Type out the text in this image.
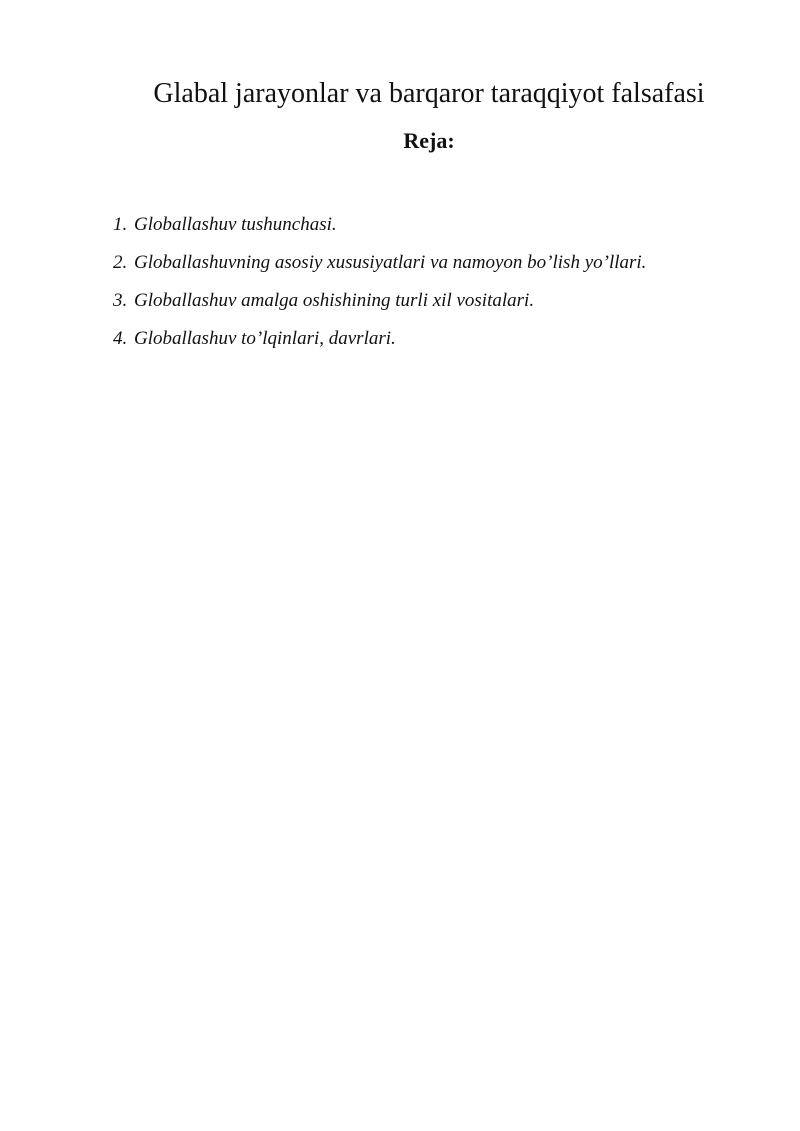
Glabal jarayonlar va barqaror taraqqiyot falsafasi
Reja:
1. Globallashuv tushunchasi.
2. Globallashuvning asosiy xususiyatlari va namoyon bo’lish yo’llari.
3. Globallashuv amalga oshishining turli xil vositalari.
4. Globallashuv to’lqinlari, davrlari.
